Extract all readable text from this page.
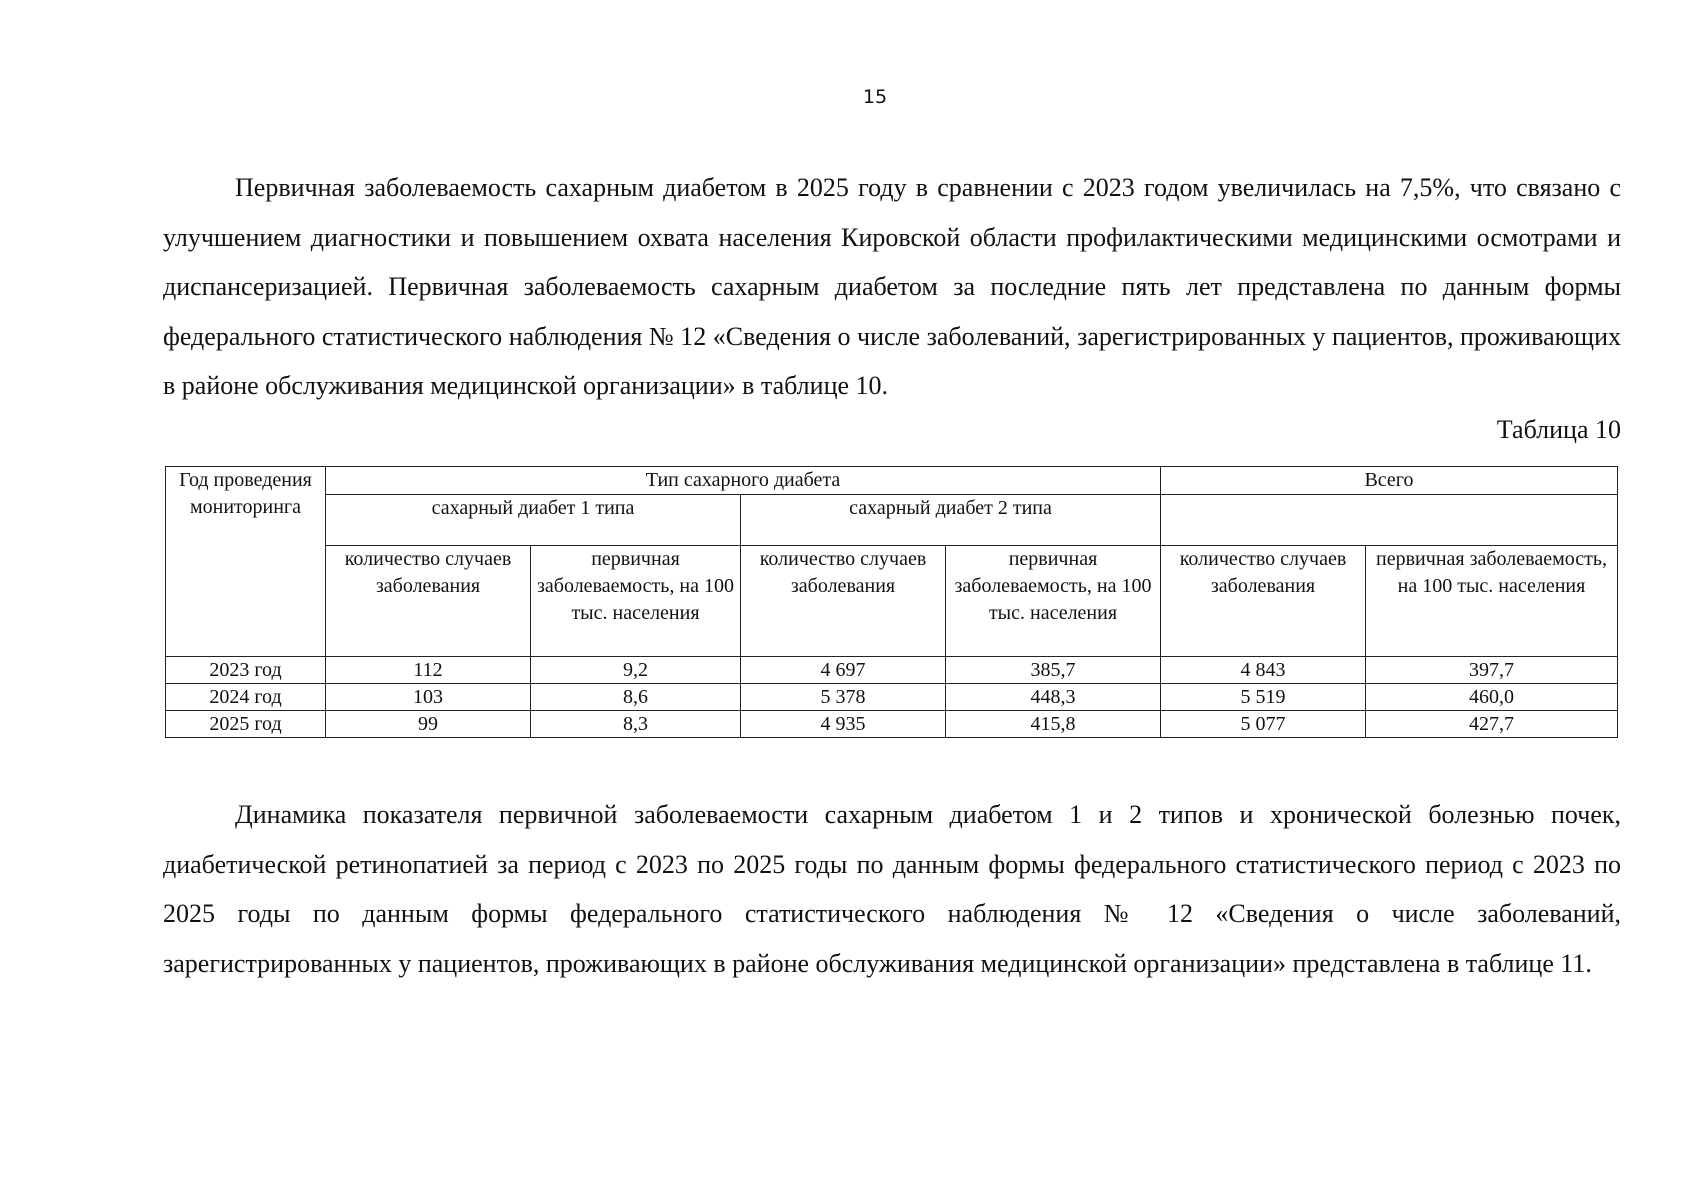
15

Первичная заболеваемость сахарным диабетом в 2025 году в сравнении с 2023 годом увеличилась на 7,5%, что связано с улучшением диагностики и повышением охвата населения Кировской области профилактическими медицинскими осмотрами и диспансеризацией. Первичная заболеваемость сахарным диабетом за последние пять лет представлена по данным формы федерального статистического наблюдения № 12 «Сведения о числе заболеваний, зарегистрированных у пациентов, проживающих в районе обслуживания медицинской организации» в таблице 10.

Таблица 10
Год проведения мониторинга	Тип сахарного диабета				Всего	
	сахарный диабет 1 типа		сахарный диабет 2 типа			
	количество случаев заболевания	первичная заболеваемость, на 100 тыс. населения	количество случаев заболевания	первичная заболеваемость, на 100 тыс. населения	количество случаев заболевания	первичная заболеваемость, на 100 тыс. населения
2023 год	112	9,2	4 697	385,7	4 843	397,7
2024 год	103	8,6	5 378	448,3	5 519	460,0
2025 год	99	8,3	4 935	415,8	5 077	427,7

Динамика показателя первичной заболеваемости сахарным диабетом 1 и 2 типов и хронической болезнью почек, диабетической ретинопатией за период с 2023 по 2025 годы по данным формы федерального статистического период с 2023 по 2025 годы по данным формы федерального статистического наблюдения № 12 «Сведения о числе заболеваний, зарегистрированных у пациентов, проживающих в районе обслуживания медицинской организации» представлена в таблице 11.
